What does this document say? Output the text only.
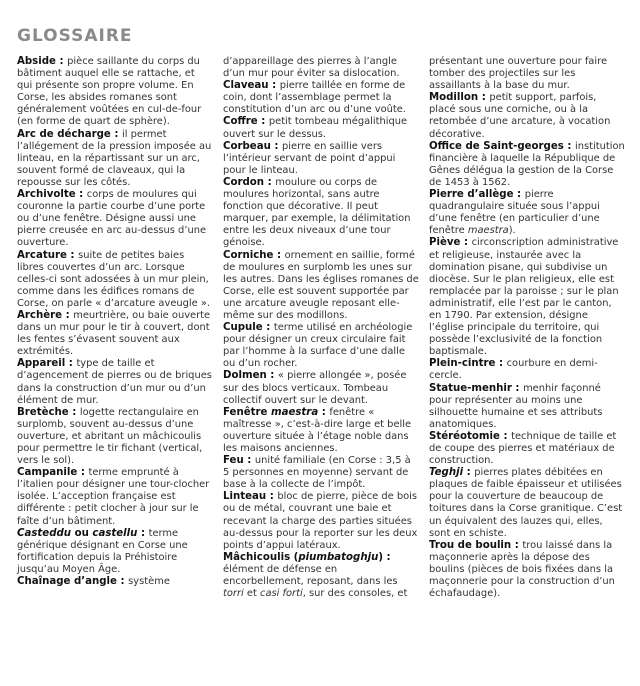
GLOSSAIRE

Abside : pièce saillante du corps du bâtiment auquel elle se rattache, et qui présente son propre volume. En Corse, les absides romanes sont généralement voûtées en cul-de-four (en forme de quart de sphère).

Arc de décharge : il permet l’allégement de la pression imposée au linteau, en la répartissant sur un arc, souvent formé de claveaux, qui la repousse sur les côtés.

Archivolte : corps de moulures qui couronne la partie courbe d’une porte ou d’une fenêtre. Désigne aussi une pierre creusée en arc au-dessus d’une ouverture.

Arcature : suite de petites baies libres couvertes d’un arc. Lorsque celles-ci sont adossées à un mur plein, comme dans les édifices romans de Corse, on parle « d’arcature aveugle ».

Archère : meurtrière, ou baie ouverte dans un mur pour le tir à couvert, dont les fentes s’évasent souvent aux extrémités.

Appareil : type de taille et d’agencement de pierres ou de briques dans la construction d’un mur ou d’un élément de mur.

Bretèche : logette rectangulaire en surplomb, souvent au-dessus d’une ouverture, et abritant un mâchicoulis pour permettre le tir fichant (vertical, vers le sol).

Campanile : terme emprunté à l’italien pour désigner une tour-clocher isolée. L’acception française est différente : petit clocher à jour sur le faîte d’un bâtiment.

Casteddu ou castellu : terme générique désignant en Corse une fortification depuis la Préhistoire jusqu’au Moyen Âge.

Chaînage d’angle : système

d’appareillage des pierres à l’angle d’un mur pour éviter sa dislocation.

Claveau : pierre taillée en forme de coin, dont l’assemblage permet la constitution d’un arc ou d’une voûte.

Coffre : petit tombeau mégalithique ouvert sur le dessus.

Corbeau : pierre en saillie vers l’intérieur servant de point d’appui pour le linteau.

Cordon : moulure ou corps de moulures horizontal, sans autre fonction que décorative. Il peut marquer, par exemple, la délimitation entre les deux niveaux d’une tour génoise.

Corniche : ornement en saillie, formé de moulures en surplomb les unes sur les autres. Dans les églises romanes de Corse, elle est souvent supportée par une arcature aveugle reposant elle-même sur des modillons.

Cupule : terme utilisé en archéologie pour désigner un creux circulaire fait par l’homme à la surface d’une dalle ou d’un rocher.

Dolmen : « pierre allongée », posée sur des blocs verticaux. Tombeau collectif ouvert sur le devant.

Fenêtre maestra : fenêtre « maîtresse », c’est-à-dire large et belle ouverture située à l’étage noble dans les maisons anciennes.

Feu : unité familiale (en Corse : 3,5 à 5 personnes en moyenne) servant de base à la collecte de l’impôt.

Linteau : bloc de pierre, pièce de bois ou de métal, couvrant une baie et recevant la charge des parties situées au-dessus pour la reporter sur les deux points d’appui latéraux.

Mâchicoulis (piumbatoghju) : élément de défense en encorbellement, reposant, dans les torri et casi forti, sur des consoles, et

présentant une ouverture pour faire tomber des projectiles sur les assaillants à la base du mur.

Modillon : petit support, parfois, placé sous une corniche, ou à la retombée d’une arcature, à vocation décorative.

Office de Saint-georges : institution financière à laquelle la République de Gênes délégua la gestion de la Corse de 1453 à 1562.

Pierre d’allège : pierre quadrangulaire située sous l’appui d’une fenêtre (en particulier d’une fenêtre maestra).

Piève : circonscription administrative et religieuse, instaurée avec la domination pisane, qui subdivise un diocèse. Sur le plan religieux, elle est remplacée par la paroisse ; sur le plan administratif, elle l’est par le canton, en 1790. Par extension, désigne l’église principale du territoire, qui possède l’exclusivité de la fonction baptismale.

Plein-cintre : courbure en demi-cercle.

Statue-menhir : menhir façonné pour représenter au moins une silhouette humaine et ses attributs anatomiques.

Stéréotomie : technique de taille et de coupe des pierres et matériaux de construction.

Teghji : pierres plates débitées en plaques de faible épaisseur et utilisées pour la couverture de beaucoup de toitures dans la Corse granitique. C’est un équivalent des lauzes qui, elles, sont en schiste.

Trou de boulin : trou laissé dans la maçonnerie après la dépose des boulins (pièces de bois fixées dans la maçonnerie pour la construction d’un échafaudage).
